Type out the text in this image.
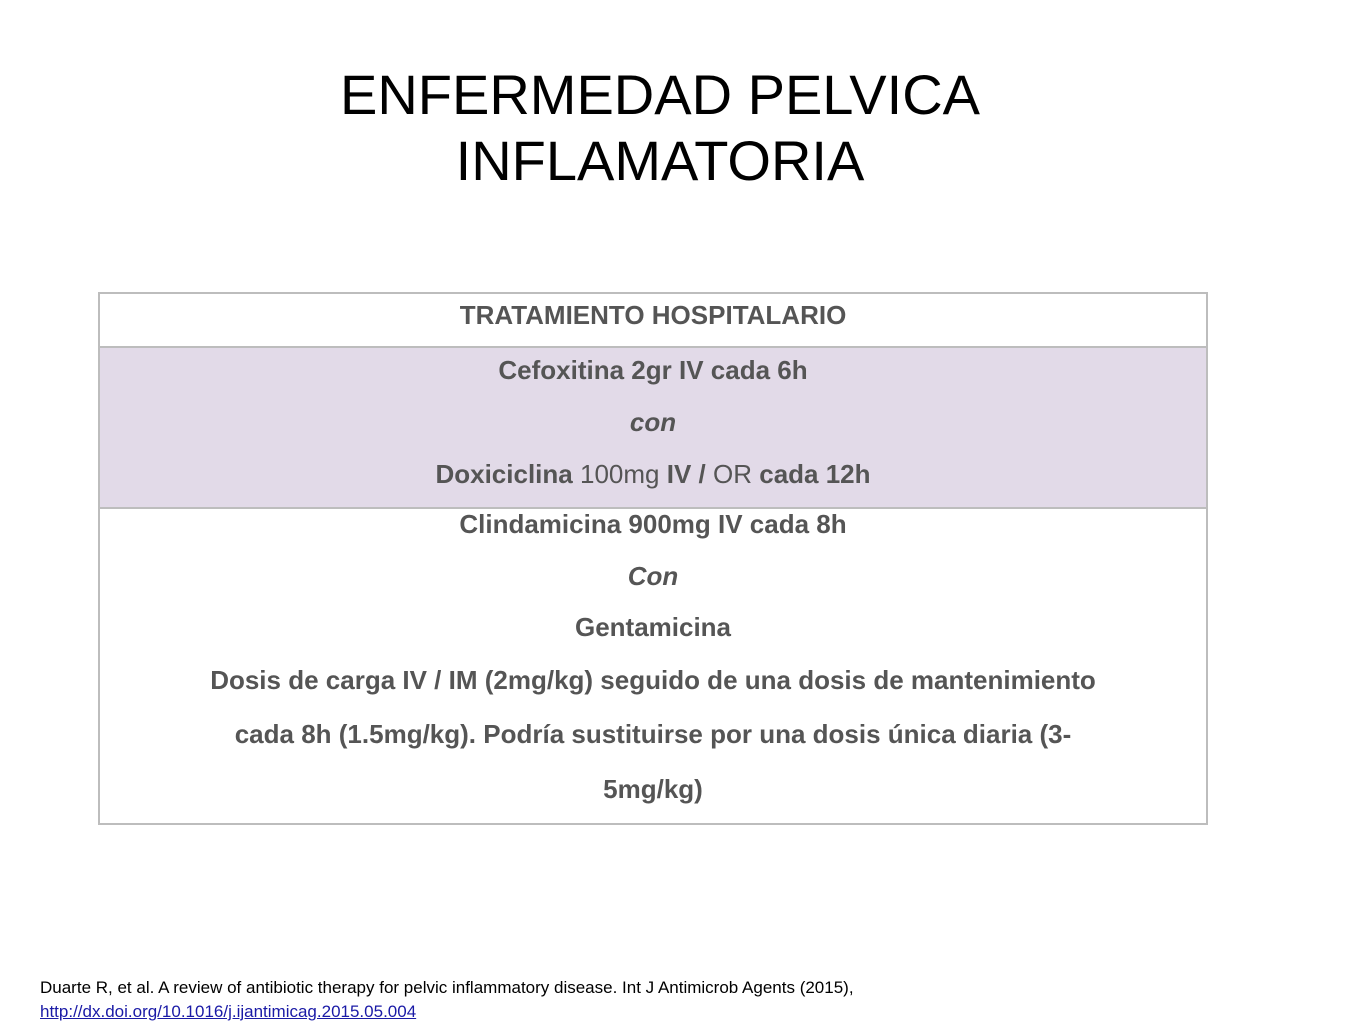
ENFERMEDAD PELVICA
INFLAMATORIA
TRATAMIENTO HOSPITALARIO
Cefoxitina 2gr IV cada 6h
con
Doxiciclina 100mg IV / OR cada 12h
Clindamicina 900mg IV cada 8h
Con
Gentamicina
Dosis de carga IV / IM (2mg/kg) seguido de una dosis de mantenimiento
cada 8h (1.5mg/kg). Podría sustituirse por una dosis única diaria (3-
5mg/kg)
Duarte R, et al. A review of antibiotic therapy for pelvic inflammatory disease. Int J Antimicrob Agents (2015),
http://dx.doi.org/10.1016/j.ijantimicag.2015.05.004
